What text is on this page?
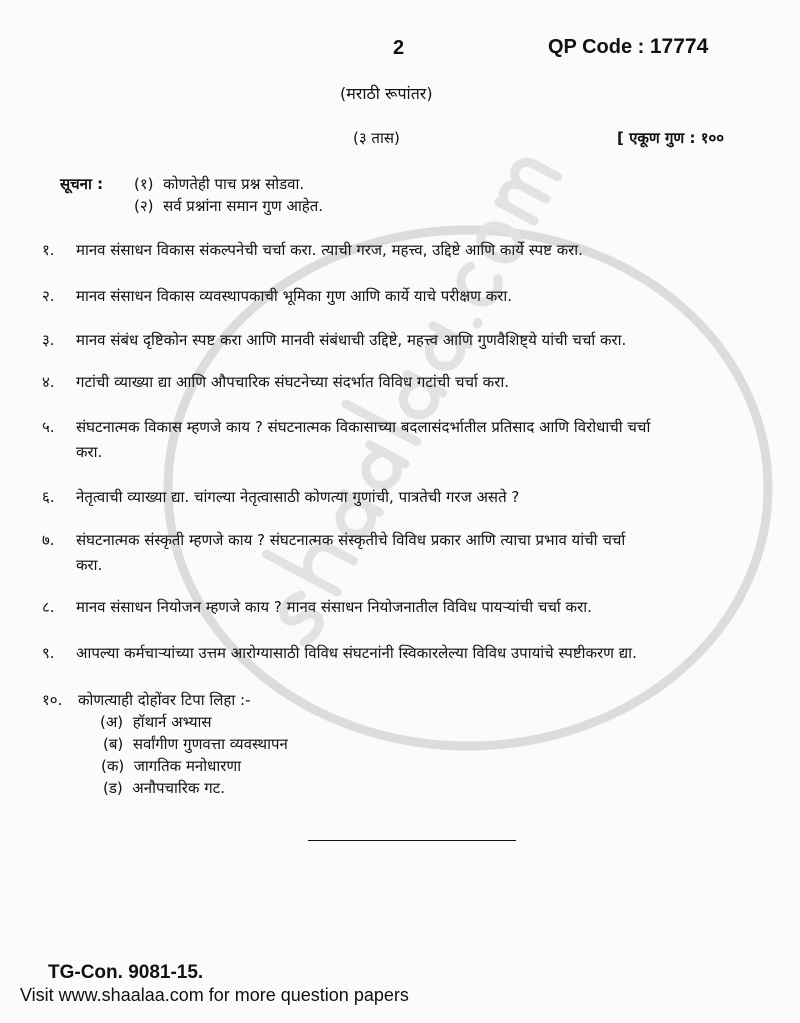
2	QP Code : 17774
(मराठी रूपांतर)
(३ तास)	[ एकूण गुण : १००
सूचना : (१) कोणतेही पाच प्रश्न सोडवा.
(२) सर्व प्रश्नांना समान गुण आहेत.
१. मानव संसाधन विकास संकल्पनेची चर्चा करा. त्याची गरज, महत्त्व, उद्दिष्टे आणि कार्ये स्पष्ट करा.
२. मानव संसाधन विकास व्यवस्थापकाची भूमिका गुण आणि कार्ये याचे परीक्षण करा.
३. मानव संबंध दृष्टिकोन स्पष्ट करा आणि मानवी संबंधाची उद्दिष्टे, महत्त्व आणि गुणवैशिष्ट्ये यांची चर्चा करा.
४. गटांची व्याख्या द्या आणि औपचारिक संघटनेच्या संदर्भात विविध गटांची चर्चा करा.
५. संघटनात्मक विकास म्हणजे काय ? संघटनात्मक विकासाच्या बदलासंदर्भातील प्रतिसाद आणि विरोधाची चर्चा
करा.
६. नेतृत्वाची व्याख्या द्या. चांगल्या नेतृत्वासाठी कोणत्या गुणांची, पात्रतेची गरज असते ?
७. संघटनात्मक संस्कृती म्हणजे काय ? संघटनात्मक संस्कृतीचे विविध प्रकार आणि त्याचा प्रभाव यांची चर्चा
करा.
८. मानव संसाधन नियोजन म्हणजे काय ? मानव संसाधन नियोजनातील विविध पायऱ्यांची चर्चा करा.
९. आपल्या कर्मचाऱ्यांच्या उत्तम आरोग्यासाठी विविध संघटनांनी स्विकारलेल्या विविध उपायांचे स्पष्टीकरण द्या.
१०. कोणत्याही दोहोंवर टिपा लिहा :-
(अ) हॉथार्न अभ्यास
(ब) सर्वांगीण गुणवत्ता व्यवस्थापन
(क) जागतिक मनोधारणा
(ड) अनौपचारिक गट.
TG-Con. 9081-15.
Visit www.shaalaa.com for more question papers
